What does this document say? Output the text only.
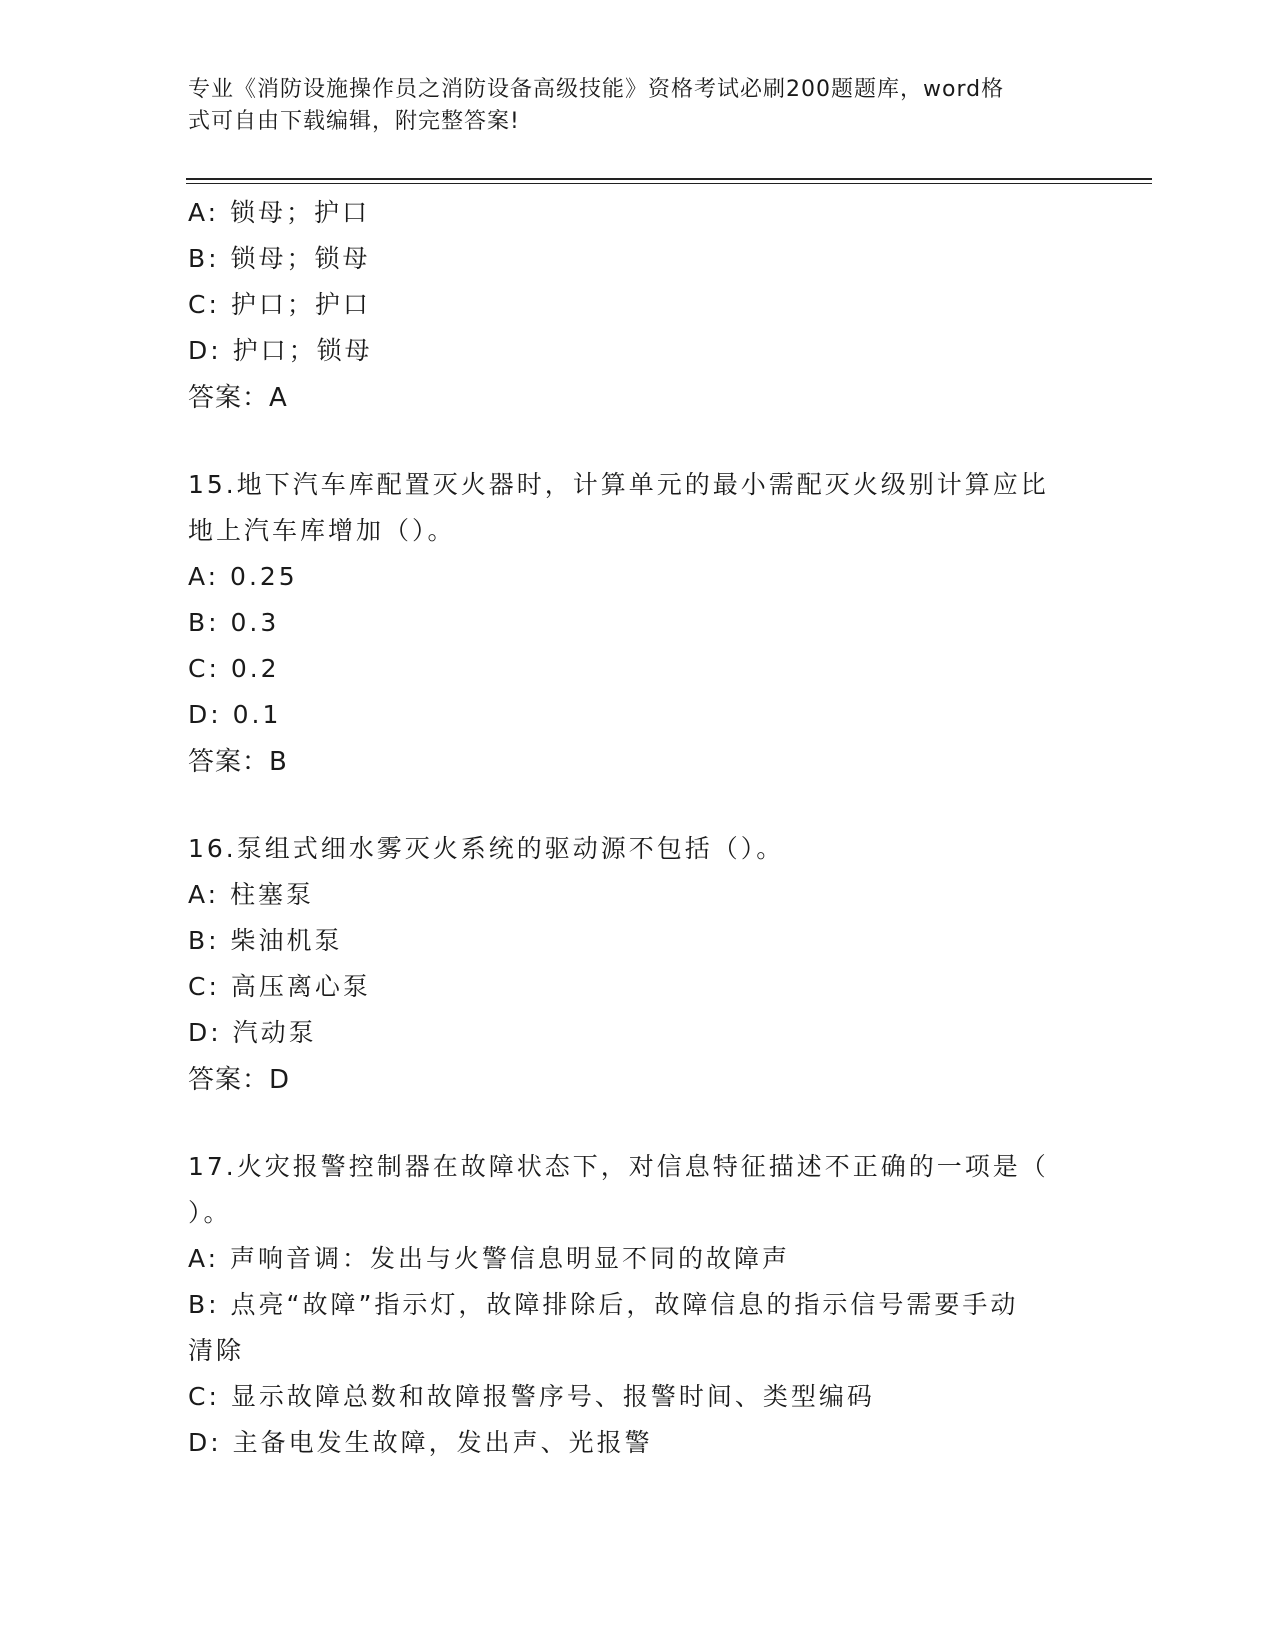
专业《消防设施操作员之消防设备高级技能》资格考试必刷200题题库，word格
式可自由下载编辑，附完整答案!
A: 锁母；护口
B: 锁母；锁母
C: 护口；护口
D: 护口；锁母
答案：A
15.地下汽车库配置灭火器时，计算单元的最小需配灭火级别计算应比
地上汽车库增加（）。
A: 0.25
B: 0.3
C: 0.2
D: 0.1
答案：B
16.泵组式细水雾灭火系统的驱动源不包括（）。
A: 柱塞泵
B: 柴油机泵
C: 高压离心泵
D: 汽动泵
答案：D
17.火灾报警控制器在故障状态下，对信息特征描述不正确的一项是（
）。
A: 声响音调：发出与火警信息明显不同的故障声
B: 点亮“故障”指示灯，故障排除后，故障信息的指示信号需要手动
清除
C: 显示故障总数和故障报警序号、报警时间、类型编码
D: 主备电发生故障，发出声、光报警
